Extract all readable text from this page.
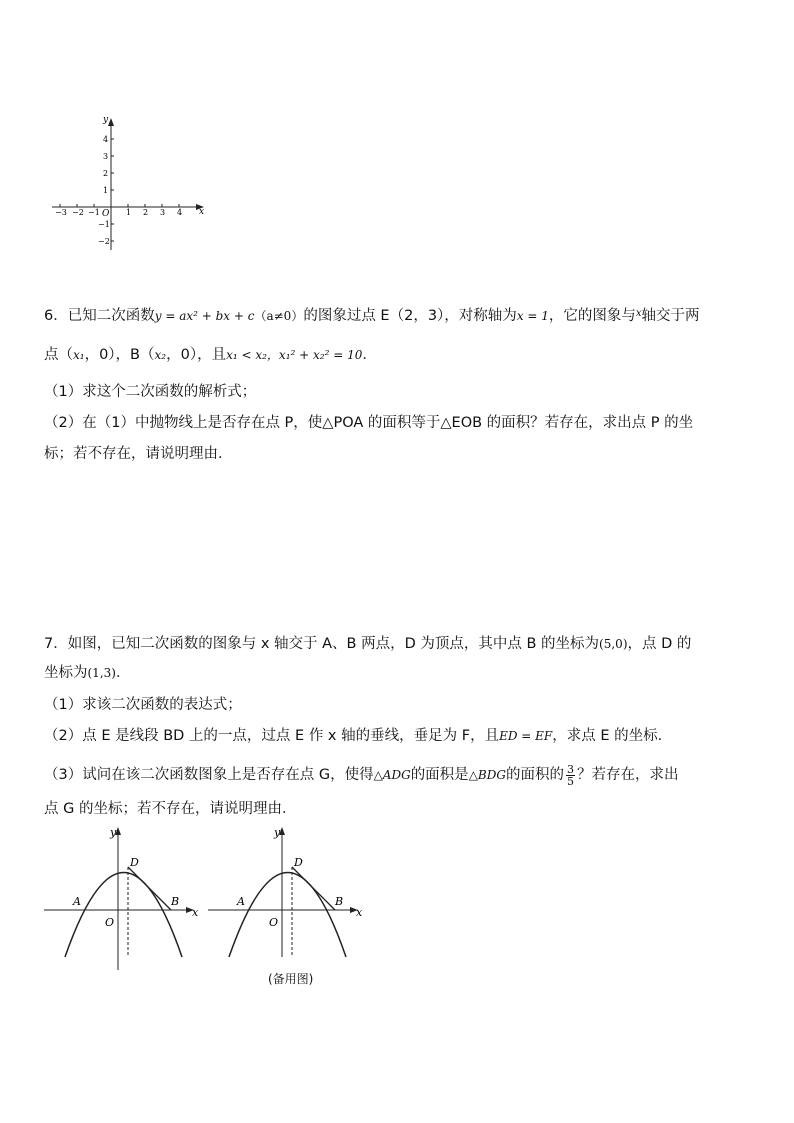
y
x
O
4
3
2
1
−1
−2
−3 −2 −1	1 2 3 4
6．已知二次函数y = ax² + bx + c（a≠0）的图象过点 E（2，3），对称轴为x = 1，它的图象与$^x$轴交于两
点（x₁，0），B（x₂，0），且x₁ < x₂，x₁² + x₂² = 10．
（1）求这个二次函数的解析式；
（2）在（1）中抛物线上是否存在点 P，使△POA 的面积等于△EOB 的面积？若存在，求出点 P 的坐
标；若不存在，请说明理由．
7．如图，已知二次函数的图象与 x 轴交于 A、B 两点，D 为顶点，其中点 B 的坐标为(5,0)，点 D 的
坐标为(1,3)．
（1）求该二次函数的表达式；
（2）点 E 是线段 BD 上的一点，过点 E 作 x 轴的垂线，垂足为 F，且ED = EF，求点 E 的坐标.
（3）试问在该二次函数图象上是否存在点 G，使得△ADG的面积是△BDG的面积的 $\frac{3}{5}$ ？若存在，求出
点 G 的坐标；若不存在，请说明理由．
y
x
D
A	B
O
y
x
D
A	B
O
(备用图)
